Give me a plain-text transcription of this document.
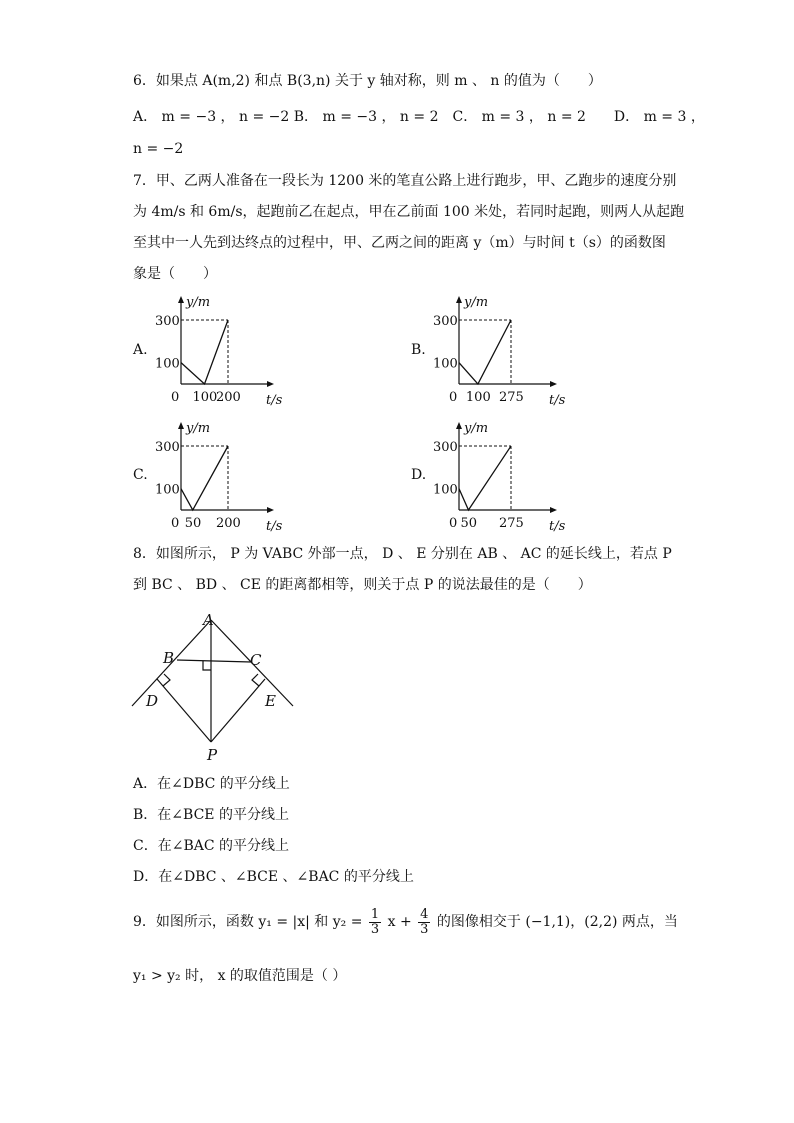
6．如果点 A(m,2) 和点 B(3,n) 关于 y 轴对称，则 m 、 n 的值为（　　）
A． m = −3 ， n = −2 B． m = −3 ， n = 2　C． m = 3 ， n = 2　　D． m = 3 ，
n = −2
7．甲、乙两人准备在一段长为 1200 米的笔直公路上进行跑步，甲、乙跑步的速度分别
为 4m/s 和 6m/s，起跑前乙在起点，甲在乙前面 100 米处，若同时起跑，则两人从起跑
至其中一人先到达终点的过程中，甲、乙两之间的距离 y（m）与时间 t（s）的函数图
象是（　　）
A.
300
100
0 100
200
y/m
t/s
B.
300
100
0 100 275
y/m
t/s
C.
300
100
0 50 200
y/m
t/s
D.
300
100
0 50 275
y/m
t/s
8．如图所示， P 为 VABC 外部一点， D 、 E 分别在 AB 、 AC 的延长线上，若点 P
到 BC 、 BD 、 CE 的距离都相等，则关于点 P 的说法最佳的是（　　）
A
B	C
D	E
P
A．在∠DBC 的平分线上
B．在∠BCE 的平分线上
C．在∠BAC 的平分线上
D．在∠DBC 、∠BCE 、∠BAC 的平分线上
9．如图所示，函数 y₁ = |x| 和 $y_2 = \frac{1}{3}$ $x + \frac{4}{3}$ 的图像相交于 (−1,1)，(2,2) 两点，当
y₁ > y₂ 时， x 的取值范围是（ ）
